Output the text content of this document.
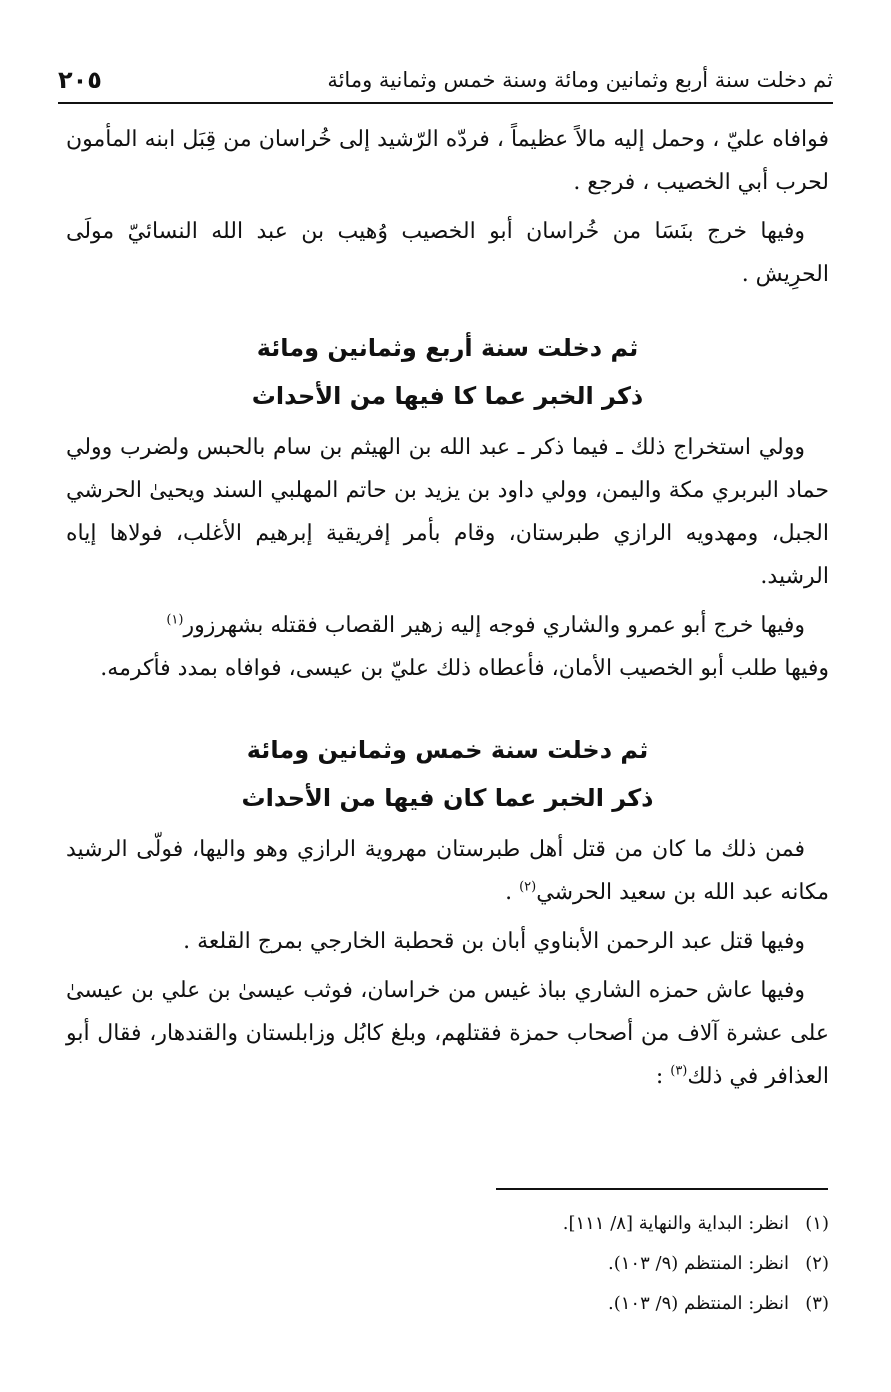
ثم دخلت سنة أربع وثمانين ومائة وسنة خمس وثمانية ومائة
٢٠٥

فوافاه عليّ ، وحمل إليه مالاً عظيماً ، فردّه الرّشيد إلى خُراسان من قِبَل ابنه المأمون لحرب أبي الخصيب ، فرجع .

وفيها خرج بنَسَا من خُراسان أبو الخصيب وُهيب بن عبد الله النسائيّ مولَى الحرِيش .

ثم دخلت سنة أربع وثمانين ومائة
ذكر الخبر عما كا فيها من الأحداث

وولي استخراج ذلك ـ فيما ذكر ـ عبد الله بن الهيثم بن سام بالحبس ولضرب وولي حماد البربري مكة واليمن، وولي داود بن يزيد بن حاتم المهلبي السند ويحيىٰ الحرشي الجبل، ومهدويه الرازي طبرستان، وقام بأمر إفريقية إبرهيم الأغلب، فولاها إياه الرشيد.

وفيها خرج أبو عمرو والشاري فوجه إليه زهير القصاب فقتله بشهرزور$^{(١)}$

وفيها طلب أبو الخصيب الأمان، فأعطاه ذلك عليّ بن عيسى، فوافاه بمدد فأكرمه.

ثم دخلت سنة خمس وثمانين ومائة
ذكر الخبر عما كان فيها من الأحداث

فمن ذلك ما كان من قتل أهل طبرستان مهروية الرازي وهو واليها، فولّى الرشيد مكانه عبد الله بن سعيد الحرشي$^{(٢)}$ .

وفيها قتل عبد الرحمن الأبناوي أبان بن قحطبة الخارجي بمرج القلعة .

وفيها عاش حمزه الشاري بباذ غيس من خراسان، فوثب عيسىٰ بن علي بن عيسىٰ على عشرة آلاف من أصحاب حمزة فقتلهم، وبلغ كابُل وزابلستان والقندهار، فقال أبو العذافر في ذلك$^{(٣)}$ :

(١)
انظر: البداية والنهاية [٨/ ١١١].
(٢)
انظر: المنتظم (٩/ ١٠٣).
(٣)
انظر: المنتظم (٩/ ١٠٣).
